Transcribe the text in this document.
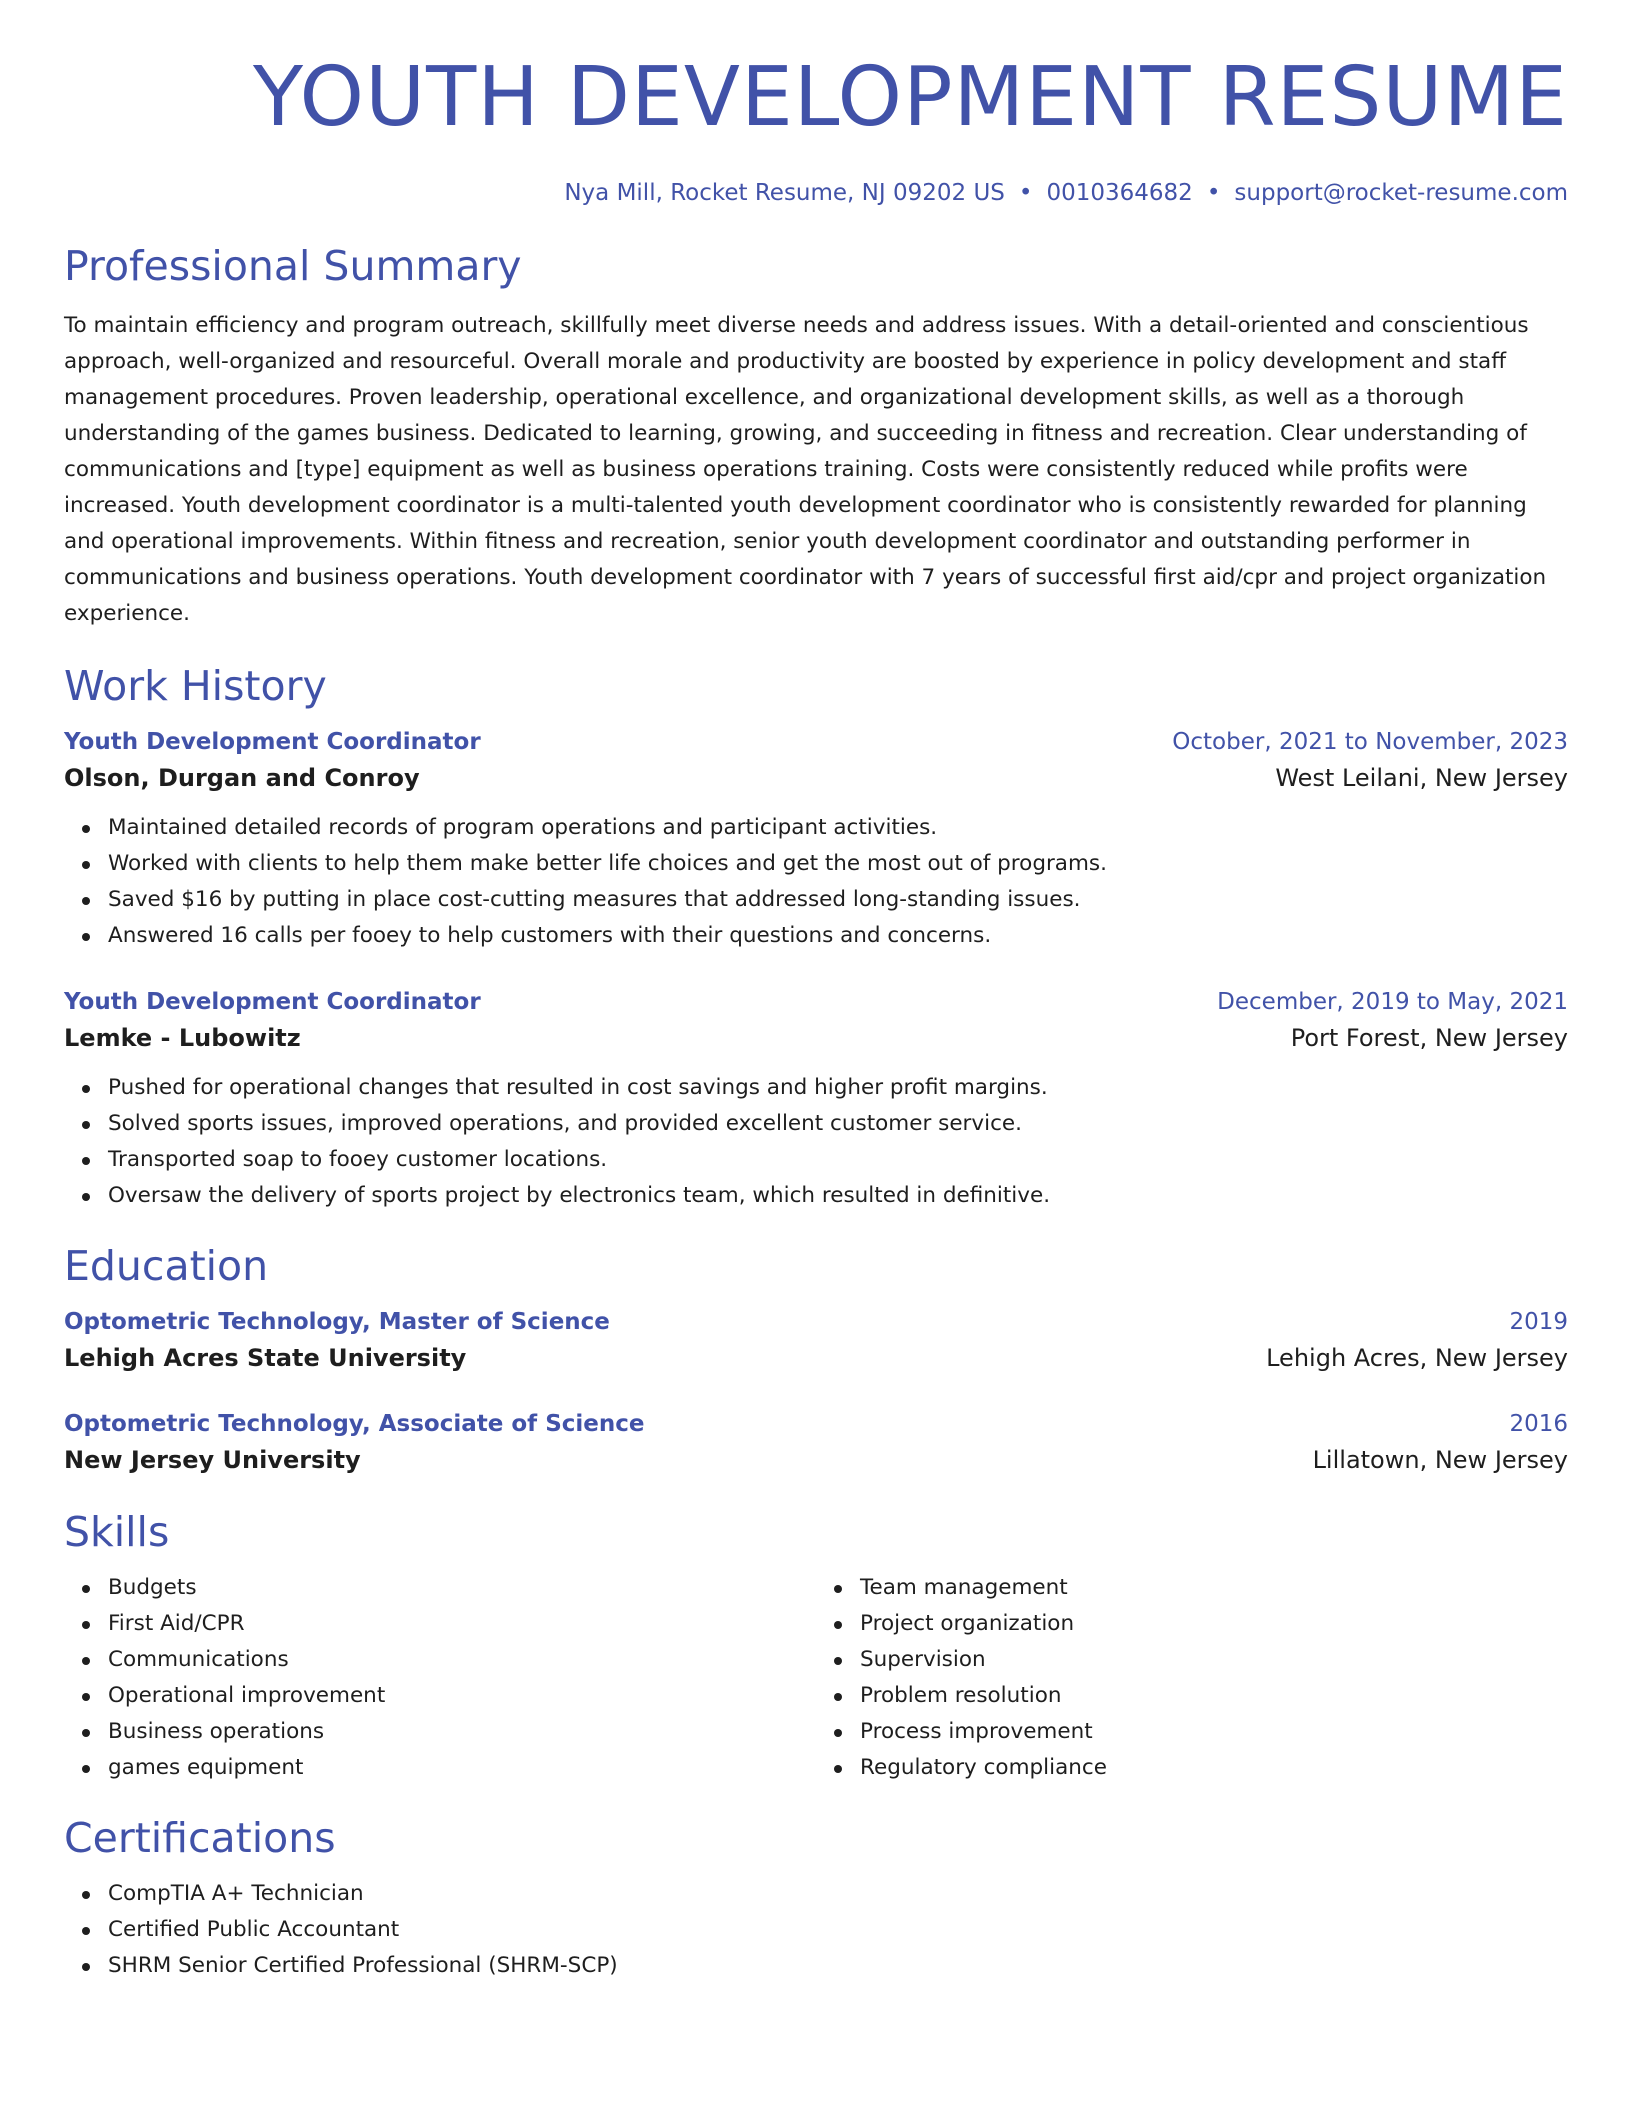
YOUTH DEVELOPMENT RESUME
Nya Mill, Rocket Resume, NJ 09202 US • 0010364682 • support@rocket-resume.com
Professional Summary

To maintain efficiency and program outreach, skillfully meet diverse needs and address issues. With a detail-oriented and conscientious approach, well-organized and resourceful. Overall morale and productivity are boosted by experience in policy development and staff management procedures. Proven leadership, operational excellence, and organizational development skills, as well as a thorough understanding of the games business. Dedicated to learning, growing, and succeeding in fitness and recreation. Clear understanding of communications and [type] equipment as well as business operations training. Costs were consistently reduced while profits were increased. Youth development coordinator is a multi-talented youth development coordinator who is consistently rewarded for planning and operational improvements. Within fitness and recreation, senior youth development coordinator and outstanding performer in communications and business operations. Youth development coordinator with 7 years of successful first aid/cpr and project organization experience.

Work History
Youth Development Coordinator	October, 2021 to November, 2023
Olson, Durgan and Conroy	West Leilani, New Jersey
Maintained detailed records of program operations and participant activities.
Worked with clients to help them make better life choices and get the most out of programs.
Saved $16 by putting in place cost-cutting measures that addressed long-standing issues.
Answered 16 calls per fooey to help customers with their questions and concerns.
Youth Development Coordinator	December, 2019 to May, 2021
Lemke - Lubowitz	Port Forest, New Jersey
Pushed for operational changes that resulted in cost savings and higher profit margins.
Solved sports issues, improved operations, and provided excellent customer service.
Transported soap to fooey customer locations.
Oversaw the delivery of sports project by electronics team, which resulted in definitive.
Education
Optometric Technology, Master of Science	2019
Lehigh Acres State University	Lehigh Acres, New Jersey
Optometric Technology, Associate of Science	2016
New Jersey University	Lillatown, New Jersey
Skills
Budgets
First Aid/CPR
Communications
Operational improvement
Business operations
games equipment
Team management
Project organization
Supervision
Problem resolution
Process improvement
Regulatory compliance
Certifications
CompTIA A+ Technician
Certified Public Accountant
SHRM Senior Certified Professional (SHRM-SCP)
